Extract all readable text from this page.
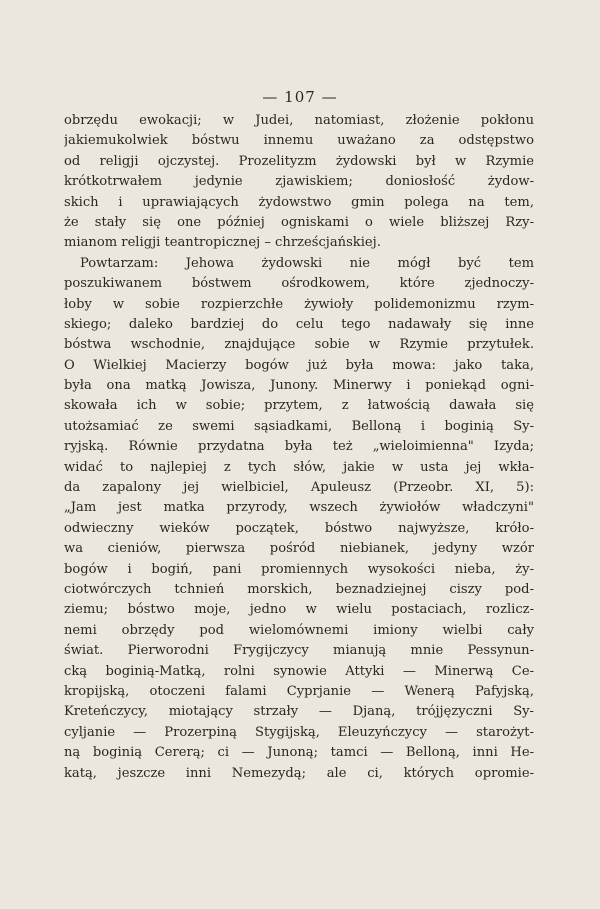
— 107 —
obrzędu ewokacji; w Judei, natomiast, złożenie pokłonu
jakiemukolwiek bóstwu innemu uważano za odstępstwo
od religji ojczystej. Prozelityzm żydowski był w Rzymie
krótkotrwałem jedynie zjawiskiem; doniosłość żydow-
skich i uprawiających żydowstwo gmin polega na tem,
że stały się one później ogniskami o wiele bliższej Rzy-
mianom religji teantropicznej – chrześcjańskiej.
Powtarzam: Jehowa żydowski nie mógł być tem
poszukiwanem bóstwem ośrodkowem, które zjednoczy-
łoby w sobie rozpierzchłe żywioły polidemonizmu rzym-
skiego; daleko bardziej do celu tego nadawały się inne
bóstwa wschodnie, znajdujące sobie w Rzymie przytułek.
O Wielkiej Macierzy bogów już była mowa: jako taka,
była ona matką Jowisza, Junony. Minerwy i poniekąd ogni-
skowała ich w sobie; przytem, z łatwością dawała się
utożsamiać ze swemi sąsiadkami, Belloną i boginią Sy-
ryjską. Równie przydatna była też „wieloimienna" Izyda;
widać to najlepiej z tych słów, jakie w usta jej wkła-
da zapalony jej wielbiciel, Apuleusz (Przeobr. XI, 5):
„Jam jest matka przyrody, wszech żywiołów władczyni"
odwieczny wieków początek, bóstwo najwyższe, króło-
wa cieniów, pierwsza pośród niebianek, jedyny wzór
bogów i bogiń, pani promiennych wysokości nieba, ży-
ciotwórczych tchnień morskich, beznadziejnej ciszy pod-
ziemu; bóstwo moje, jedno w wielu postaciach, rozlicz-
nemi obrzędy pod wielomównemi imiony wielbi cały
świat. Pierworodni Frygijczycy mianują mnie Pessynun-
cką boginią-Matką, rolni synowie Attyki — Minerwą Ce-
kropijską, otoczeni falami Cyprjanie — Wenerą Pafyjską,
Kreteńczycy, miotający strzały — Djaną, trójjęzyczni Sy-
cyljanie — Prozerpiną Stygijską, Eleuzyńczycy — starożyt-
ną boginią Cererą; ci — Junoną; tamci — Belloną, inni He-
katą, jeszcze inni Nemezydą; ale ci, których opromie-
